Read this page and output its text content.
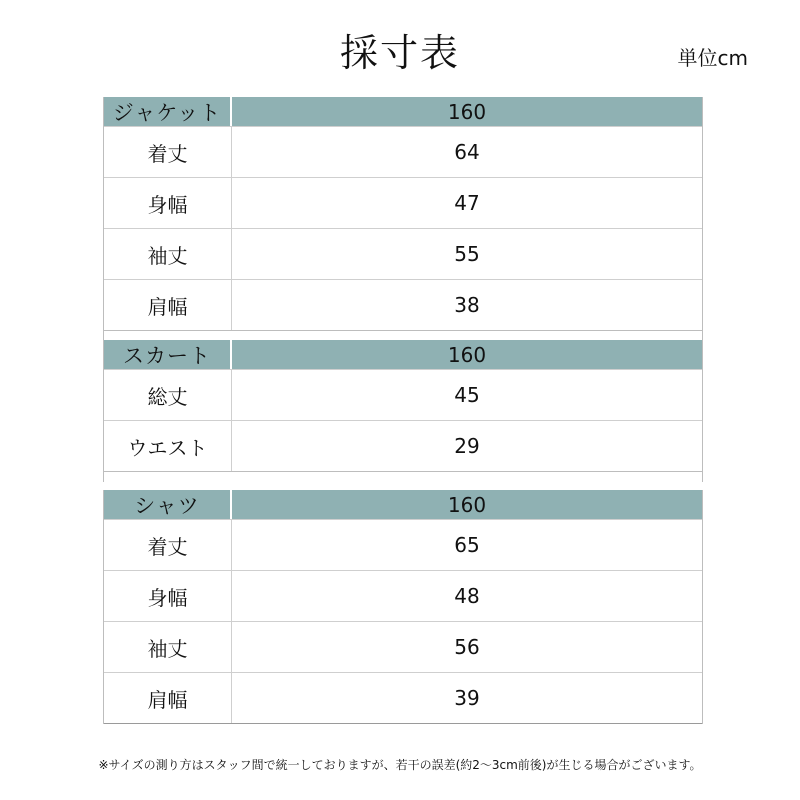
採寸表	単位cm
ジャケット	160
着丈	64
身幅	47
袖丈	55
肩幅	38
スカート	160
総丈	45
ウエスト	29
シャツ	160
着丈	65
身幅	48
袖丈	56
肩幅	39
※サイズの測り方はスタッフ間で統一しておりますが、若干の誤差(約2～3cm前後)が生じる場合がございます。
